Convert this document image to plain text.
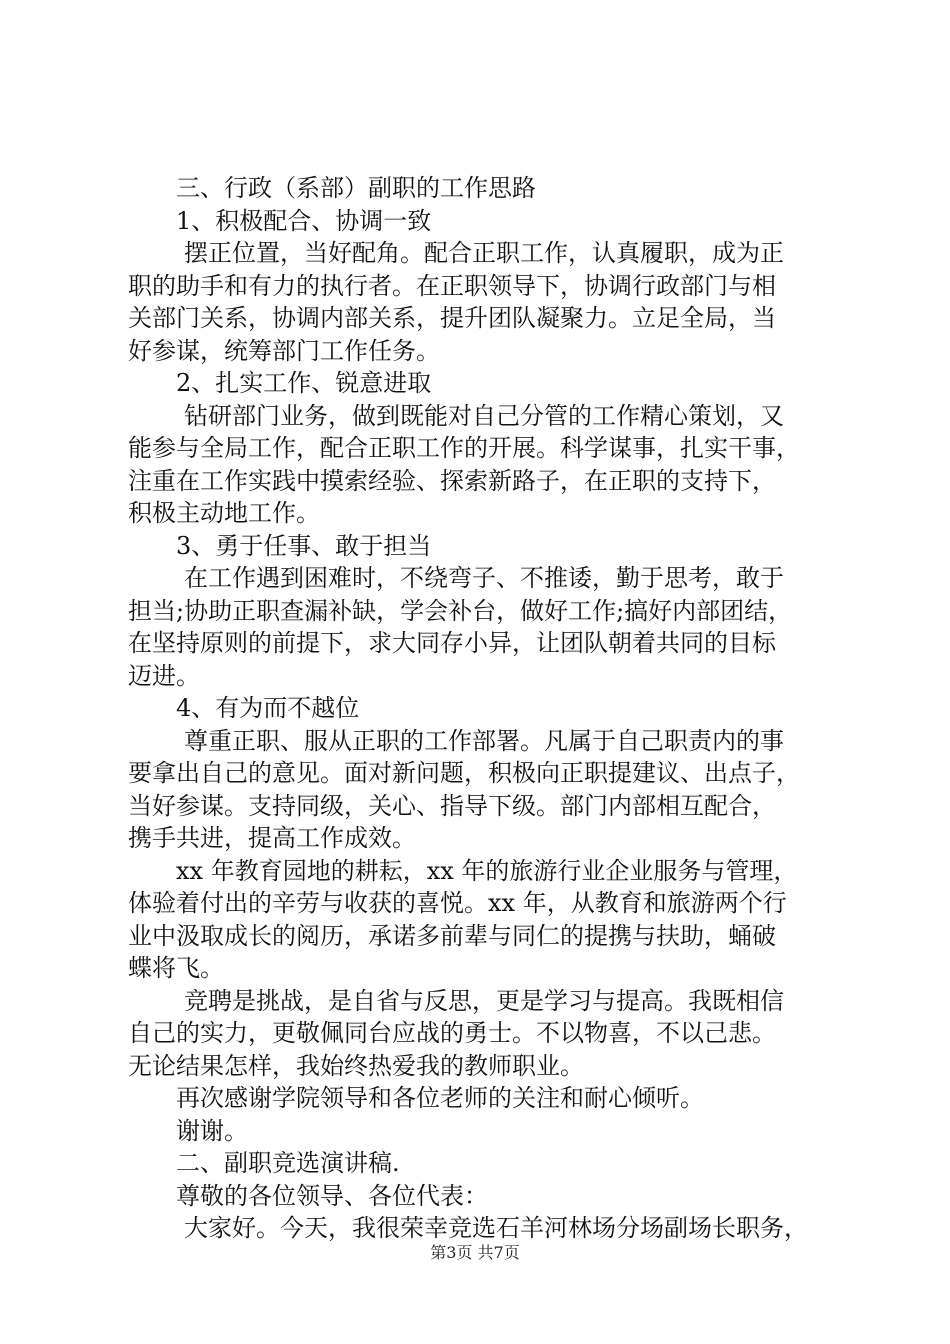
三、行政（系部）副职的工作思路
1、积极配合、协调一致
摆正位置，当好配角。配合正职工作，认真履职，成为正
职的助手和有力的执行者。在正职领导下，协调行政部门与相
关部门关系，协调内部关系，提升团队凝聚力。立足全局，当
好参谋，统筹部门工作任务。
2、扎实工作、锐意进取
钻研部门业务，做到既能对自己分管的工作精心策划，又
能参与全局工作，配合正职工作的开展。科学谋事，扎实干事，
注重在工作实践中摸索经验、探索新路子，在正职的支持下，
积极主动地工作。
3、勇于任事、敢于担当
在工作遇到困难时，不绕弯子、不推诿，勤于思考，敢于
担当;协助正职查漏补缺，学会补台，做好工作;搞好内部团结，
在坚持原则的前提下，求大同存小异，让团队朝着共同的目标
迈进。
4、有为而不越位
尊重正职、服从正职的工作部署。凡属于自己职责内的事
要拿出自己的意见。面对新问题，积极向正职提建议、出点子，
当好参谋。支持同级，关心、指导下级。部门内部相互配合，
携手共进，提高工作成效。
xx 年教育园地的耕耘，xx 年的旅游行业企业服务与管理，
体验着付出的辛劳与收获的喜悦。xx 年，从教育和旅游两个行
业中汲取成长的阅历，承诺多前辈与同仁的提携与扶助，蛹破
蝶将飞。
竞聘是挑战，是自省与反思，更是学习与提高。我既相信
自己的实力，更敬佩同台应战的勇士。不以物喜，不以己悲。
无论结果怎样，我始终热爱我的教师职业。
再次感谢学院领导和各位老师的关注和耐心倾听。
谢谢。
二、副职竞选演讲稿.
尊敬的各位领导、各位代表：
大家好。今天，我很荣幸竞选石羊河林场分场副场长职务，
第3页 共7页
